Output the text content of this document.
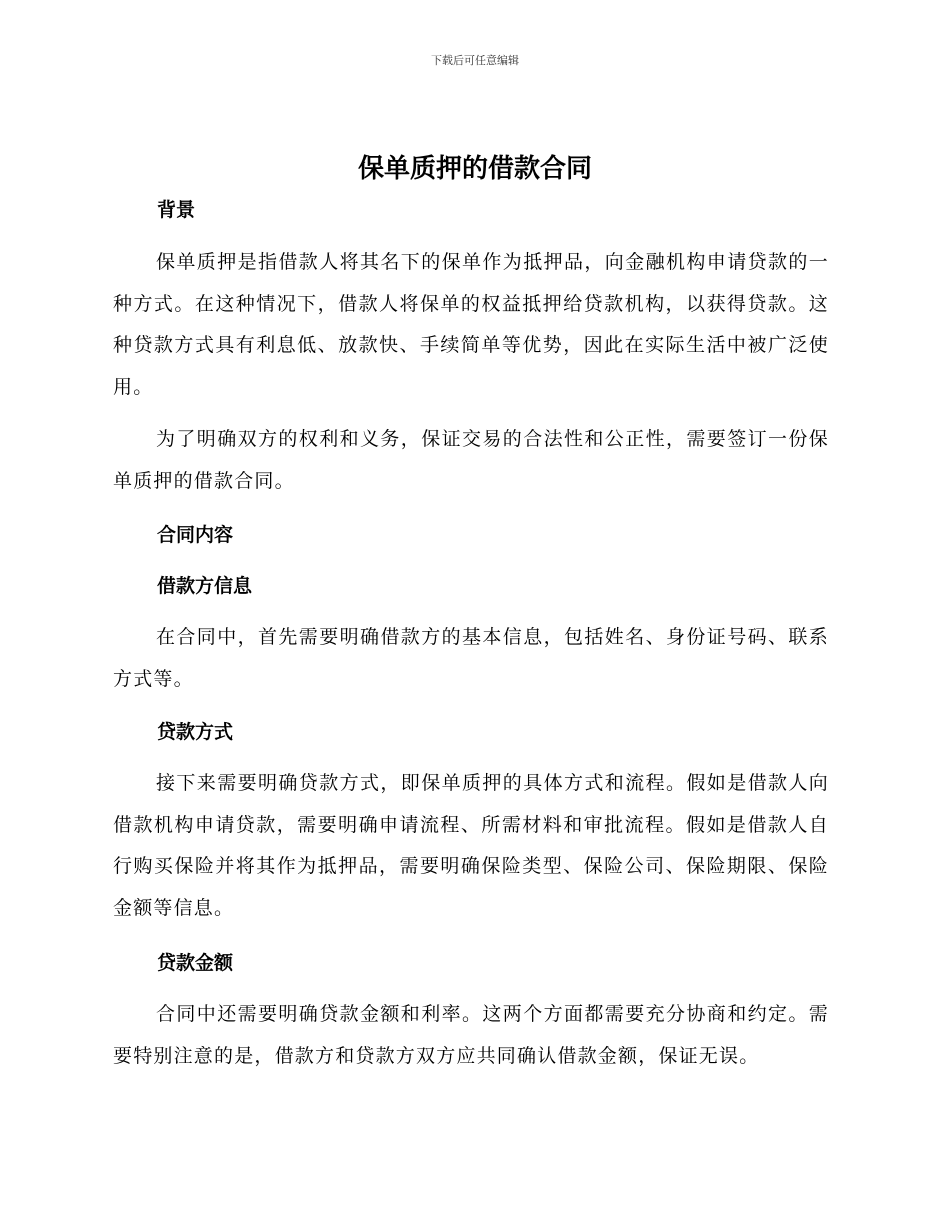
下载后可任意编辑
保单质押的借款合同
背景

保单质押是指借款人将其名下的保单作为抵押品，向金融机构申请贷款的一种方式。在这种情况下，借款人将保单的权益抵押给贷款机构，以获得贷款。这种贷款方式具有利息低、放款快、手续简单等优势，因此在实际生活中被广泛使用。

为了明确双方的权利和义务，保证交易的合法性和公正性，需要签订一份保单质押的借款合同。

合同内容
借款方信息

在合同中，首先需要明确借款方的基本信息，包括姓名、身份证号码、联系方式等。

贷款方式

接下来需要明确贷款方式，即保单质押的具体方式和流程。假如是借款人向借款机构申请贷款，需要明确申请流程、所需材料和审批流程。假如是借款人自行购买保险并将其作为抵押品，需要明确保险类型、保险公司、保险期限、保险金额等信息。

贷款金额

合同中还需要明确贷款金额和利率。这两个方面都需要充分协商和约定。需要特别注意的是，借款方和贷款方双方应共同确认借款金额，保证无误。
